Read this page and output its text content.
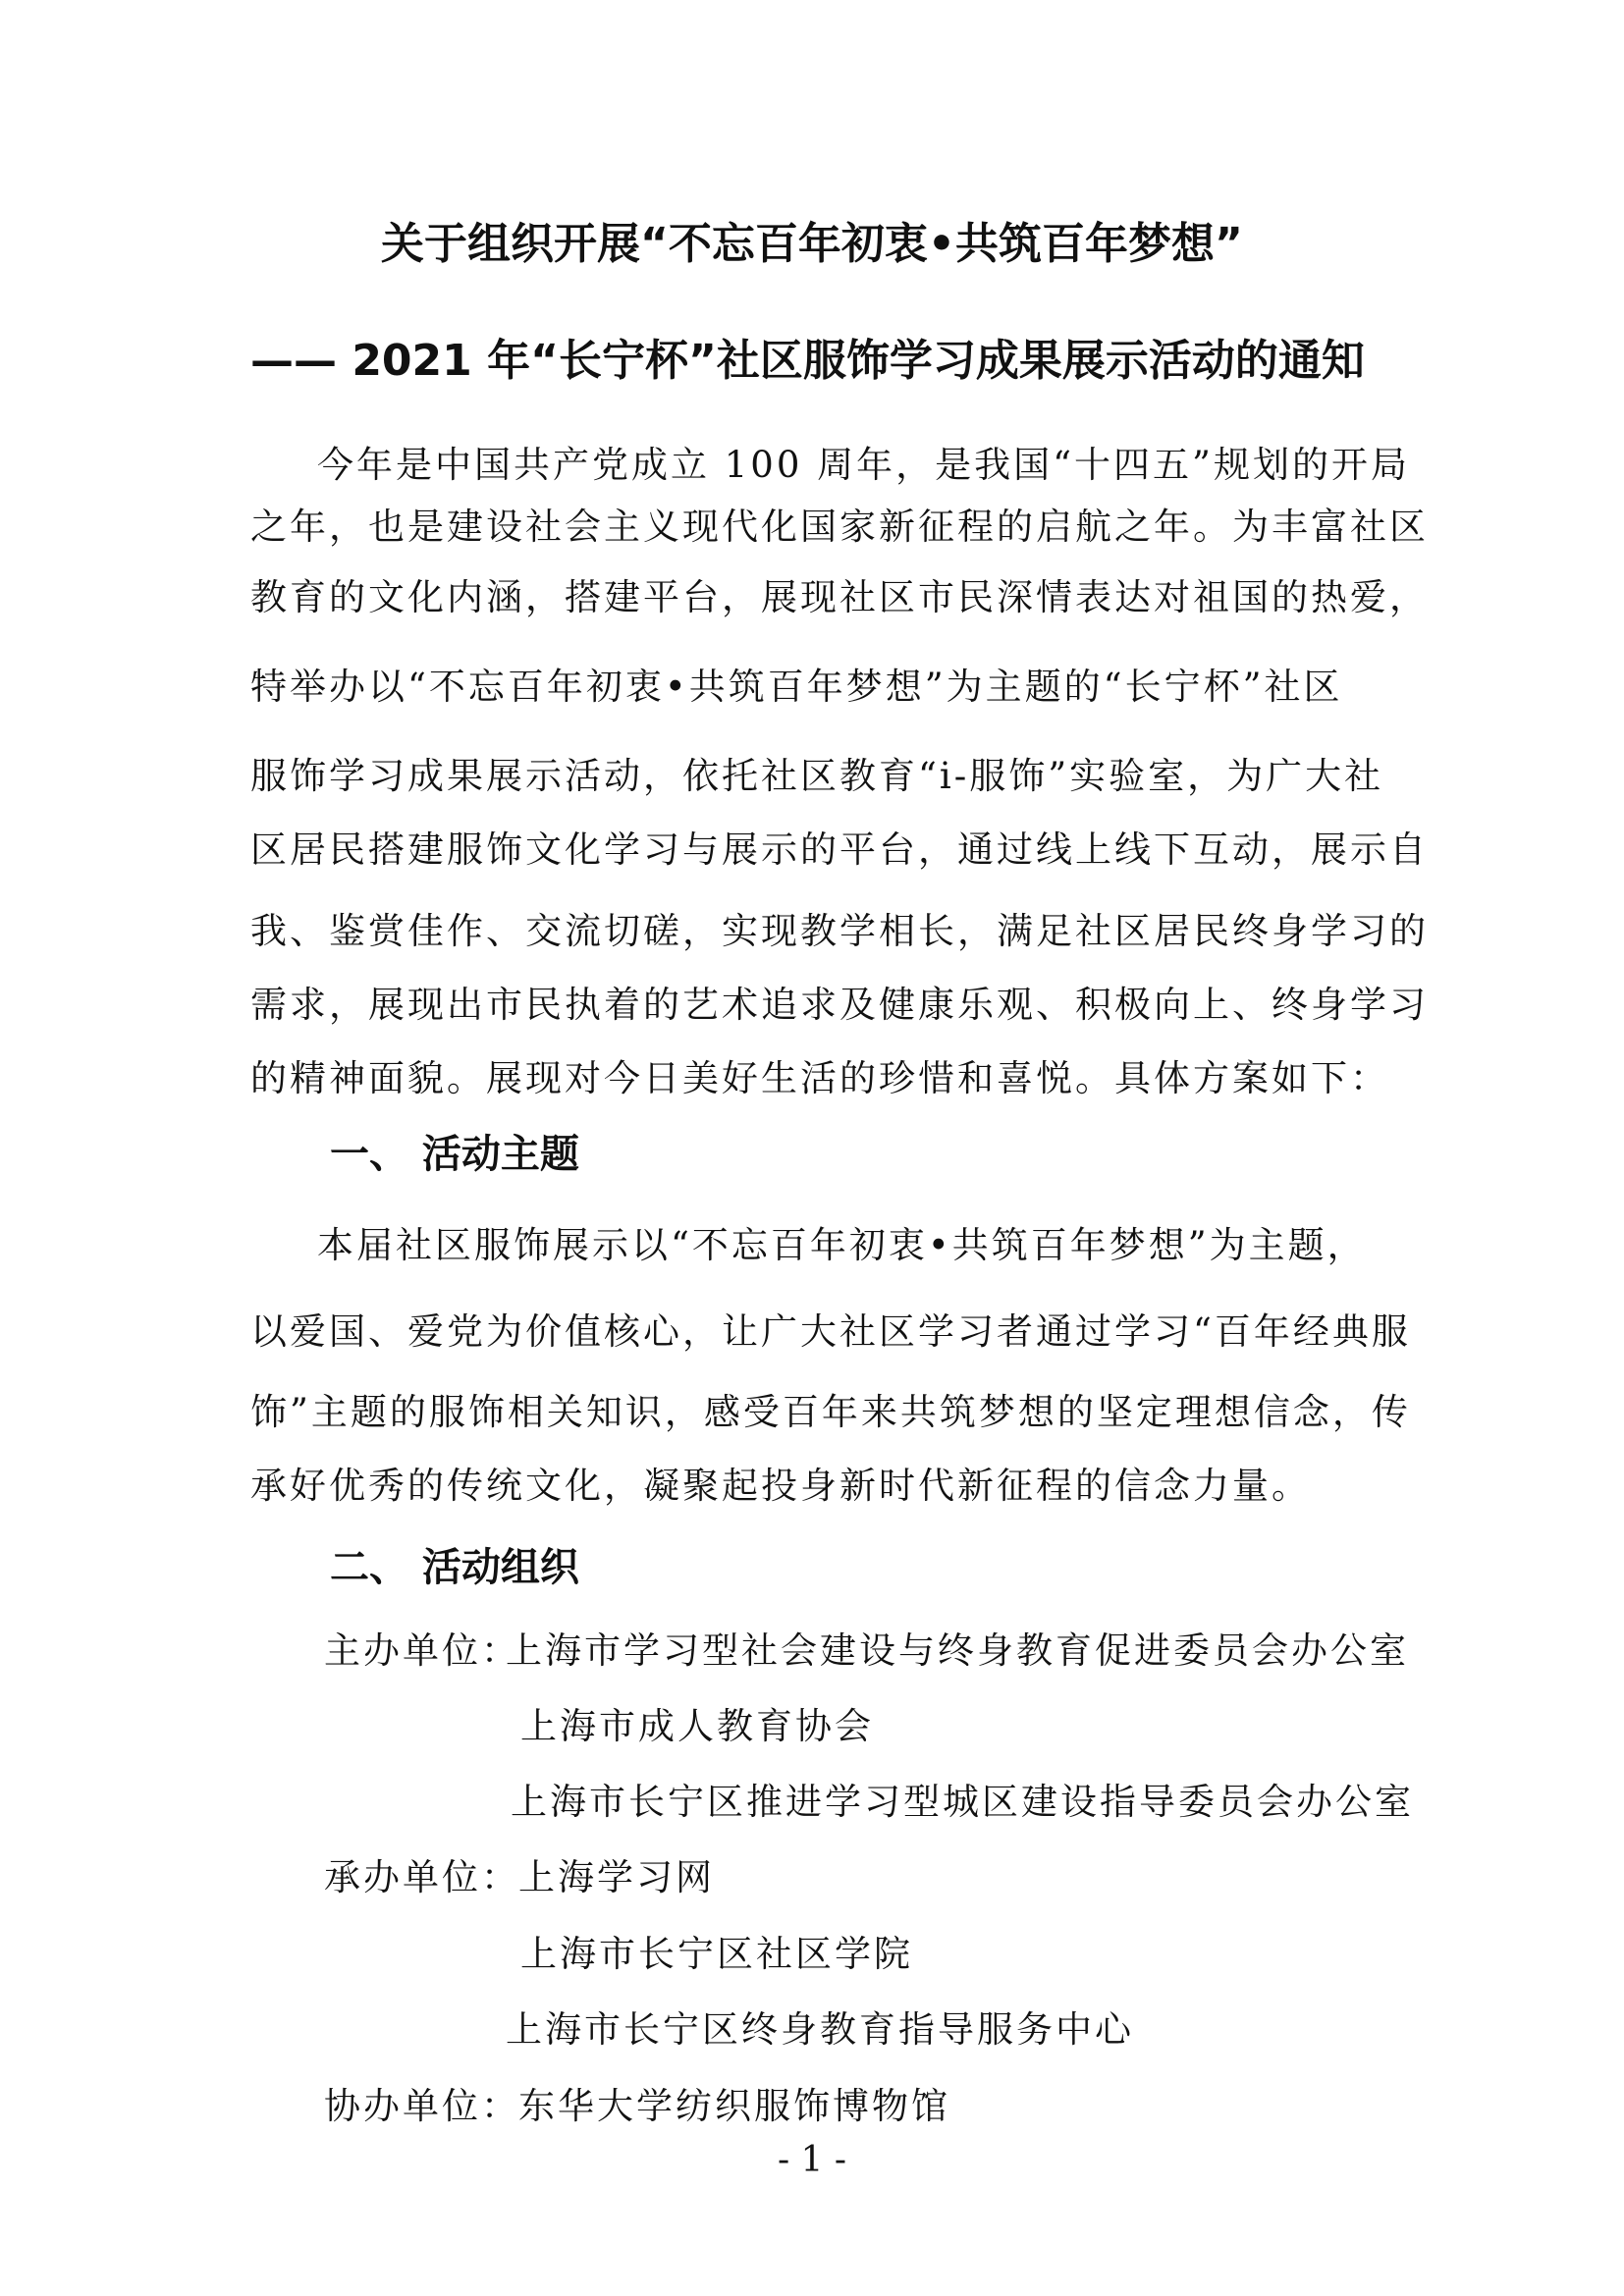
关于组织开展“不忘百年初衷•共筑百年梦想”
—— 2021 年“长宁杯”社区服饰学习成果展示活动的通知
今年是中国共产党成立 100 周年，是我国“十四五”规划的开局
之年，也是建设社会主义现代化国家新征程的启航之年。为丰富社区
教育的文化内涵，搭建平台，展现社区市民深情表达对祖国的热爱，
特举办以“不忘百年初衷•共筑百年梦想”为主题的“长宁杯”社区
服饰学习成果展示活动，依托社区教育“i-服饰”实验室，为广大社
区居民搭建服饰文化学习与展示的平台，通过线上线下互动，展示自
我、鉴赏佳作、交流切磋，实现教学相长，满足社区居民终身学习的
需求，展现出市民执着的艺术追求及健康乐观、积极向上、终身学习
的精神面貌。展现对今日美好生活的珍惜和喜悦。具体方案如下：
一、 活动主题
本届社区服饰展示以“不忘百年初衷•共筑百年梦想”为主题，
以爱国、爱党为价值核心，让广大社区学习者通过学习“百年经典服
饰”主题的服饰相关知识，感受百年来共筑梦想的坚定理想信念，传
承好优秀的传统文化，凝聚起投身新时代新征程的信念力量。
二、 活动组织
主办单位：
上海市学习型社会建设与终身教育促进委员会办公室
上海市成人教育协会
上海市长宁区推进学习型城区建设指导委员会办公室
承办单位：
上海学习网
上海市长宁区社区学院
上海市长宁区终身教育指导服务中心
协办单位：
东华大学纺织服饰博物馆
- 1 -
